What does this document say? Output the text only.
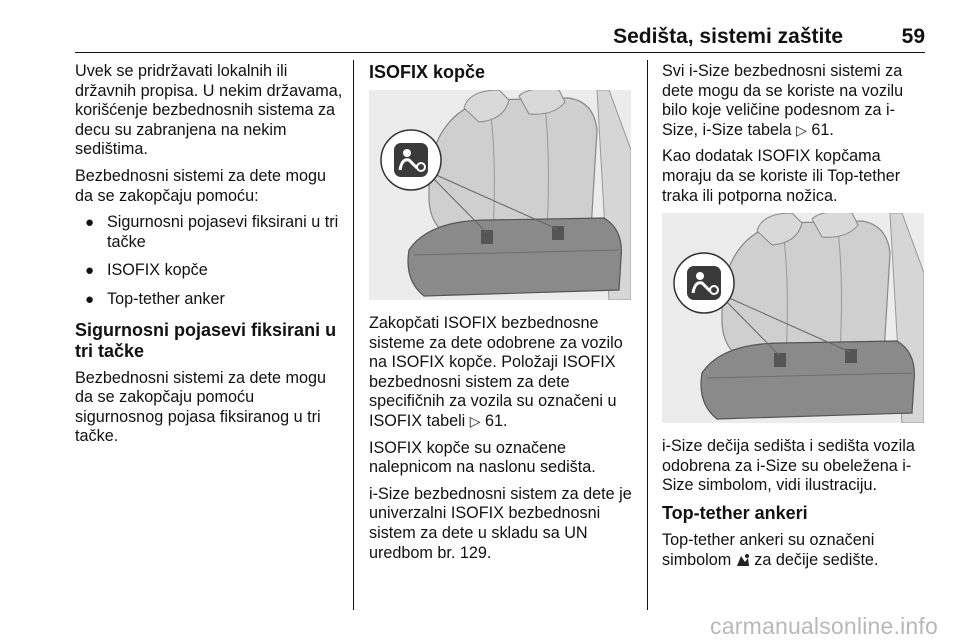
Sedišta, sistemi zaštite	59

Uvek se pridržavati lokalnih ili državnih propisa. U nekim državama, korišćenje bezbednosnih sistema za decu su zabranjena na nekim sedištima.

Bezbednosni sistemi za dete mogu da se zakopčaju pomoću:

● Sigurnosni pojasevi fiksirani u tri tačke
● ISOFIX kopče
● Top-tether anker
Sigurnosni pojasevi fiksirani u tri tačke

Bezbednosni sistemi za dete mogu da se zakopčaju pomoću sigurnosnog pojasa fiksiranog u tri tačke.

ISOFIX kopče

Zakopčati ISOFIX bezbednosne sisteme za dete odobrene za vozilo na ISOFIX kopče. Položaji ISOFIX bezbednosni sistem za dete specifičnih za vozila su označeni u ISOFIX tabeli ▷ 61.

ISOFIX kopče su označene nalepnicom na naslonu sedišta.

i-Size bezbednosni sistem za dete je univerzalni ISOFIX bezbednosni sistem za dete u skladu sa UN uredbom br. 129.

Svi i-Size bezbednosni sistemi za dete mogu da se koriste na vozilu bilo koje veličine podesnom za i-Size, i-Size tabela ▷ 61.

Kao dodatak ISOFIX kopčama moraju da se koriste ili Top-tether traka ili potporna nožica.

i-Size dečija sedišta i sedišta vozila odobrena za i-Size su obeležena i-Size simbolom, vidi ilustraciju.

Top-tether ankeri

Top-tether ankeri su označeni simbolom  za dečije sedište.

carmanualsonline.info
